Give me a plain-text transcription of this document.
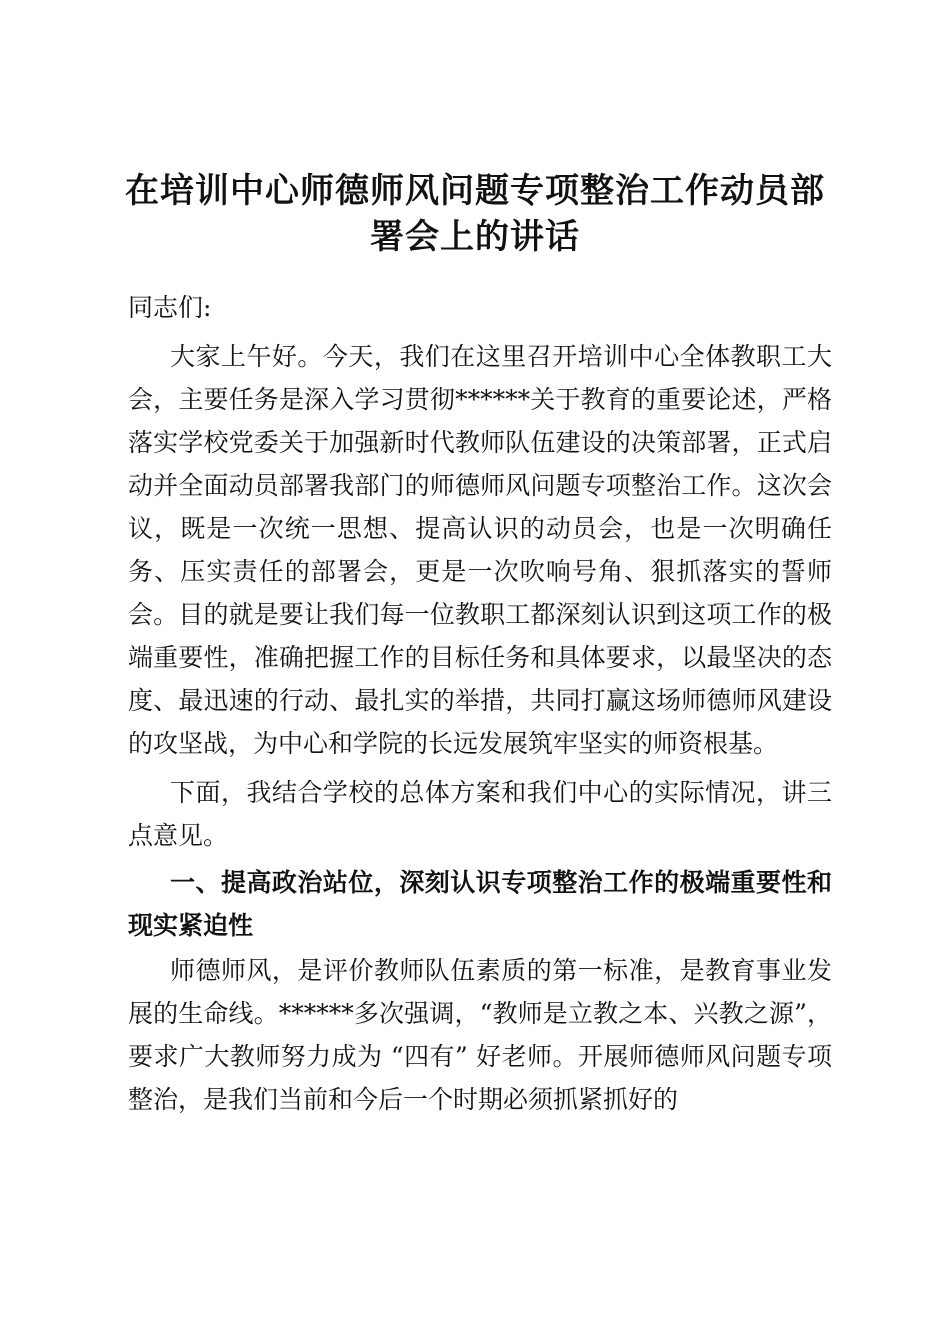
在培训中心师德师风问题专项整治工作动员部署会上的讲话

同志们:

大家上午好。今天，我们在这里召开培训中心全体教职工大会，主要任务是深入学习贯彻******关于教育的重要论述，严格落实学校党委关于加强新时代教师队伍建设的决策部署，正式启动并全面动员部署我部门的师德师风问题专项整治工作。这次会议，既是一次统一思想、提高认识的动员会，也是一次明确任务、压实责任的部署会，更是一次吹响号角、狠抓落实的誓师会。目的就是要让我们每一位教职工都深刻认识到这项工作的极端重要性，准确把握工作的目标任务和具体要求，以最坚决的态度、最迅速的行动、最扎实的举措，共同打赢这场师德师风建设的攻坚战，为中心和学院的长远发展筑牢坚实的师资根基。

下面，我结合学校的总体方案和我们中心的实际情况，讲三点意见。

一、提高政治站位，深刻认识专项整治工作的极端重要性和现实紧迫性

师德师风，是评价教师队伍素质的第一标准，是教育事业发展的生命线。******多次强调，“教师是立教之本、兴教之源”，要求广大教师努力成为 “四有” 好老师。开展师德师风问题专项整治，是我们当前和今后一个时期必须抓紧抓好的
